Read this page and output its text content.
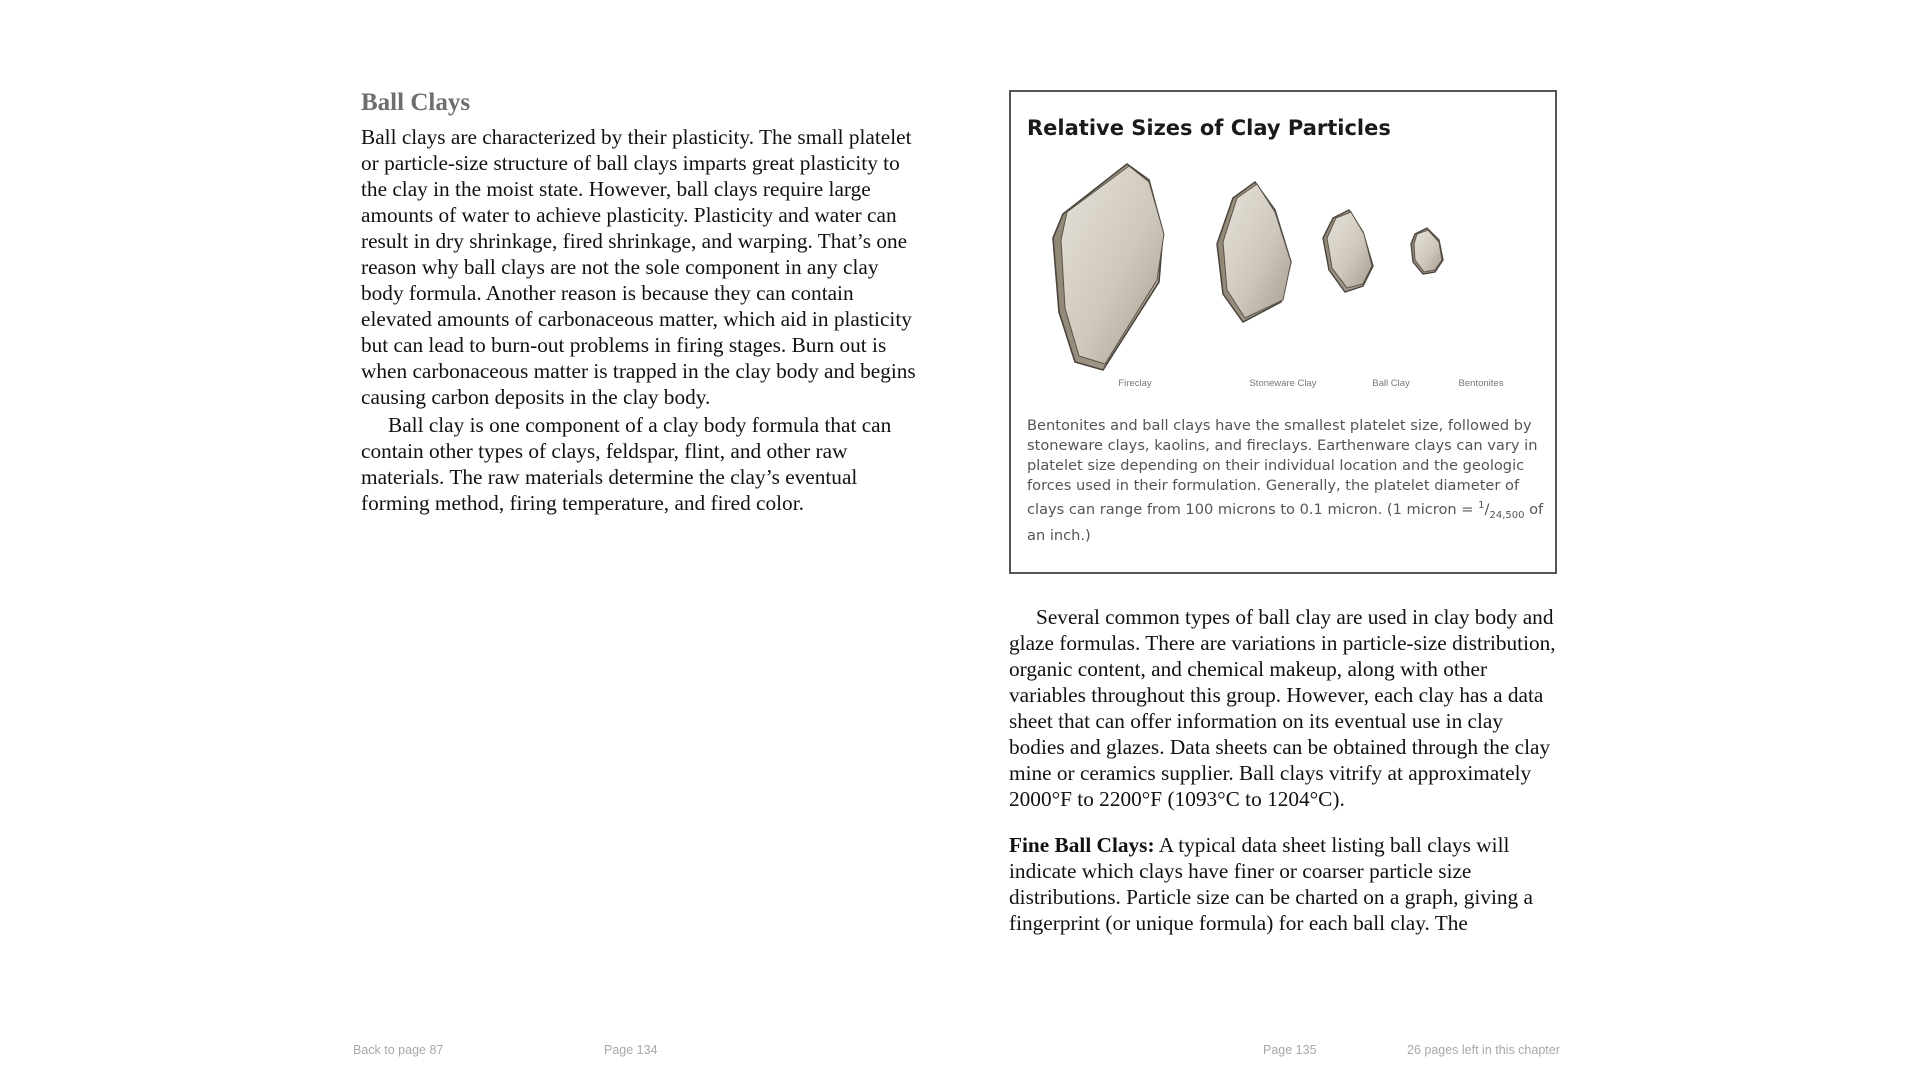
Ball Clays

Ball clays are characterized by their plasticity. The small platelet or particle-size structure of ball clays imparts great plasticity to the clay in the moist state. However, ball clays require large amounts of water to achieve plasticity. Plasticity and water can result in dry shrinkage, fired shrinkage, and warping. That’s one reason why ball clays are not the sole component in any clay body formula. Another reason is because they can contain elevated amounts of carbonaceous matter, which aid in plasticity but can lead to burn-out problems in firing stages. Burn out is when carbonaceous matter is trapped in the clay body and begins causing carbon deposits in the clay body.

Ball clay is one component of a clay body formula that can contain other types of clays, feldspar, flint, and other raw materials. The raw materials determine the clay’s eventual forming method, firing temperature, and fired color.

Relative Sizes of Clay Particles
Fireclay	Stoneware Clay	Ball Clay	Bentonites

Bentonites and ball clays have the smallest platelet size, followed by stoneware clays, kaolins, and fireclays. Earthenware clays can vary in platelet size depending on their individual location and the geologic forces used in their formulation. Generally, the platelet diameter of clays can range from 100 microns to 0.1 micron. (1 micron = $^1/_{24,500}$ of an inch.)

Several common types of ball clay are used in clay body and glaze formulas. There are variations in particle-size distribution, organic content, and chemical makeup, along with other variables throughout this group. However, each clay has a data sheet that can offer information on its eventual use in clay bodies and glazes. Data sheets can be obtained through the clay mine or ceramics supplier. Ball clays vitrify at approximately 2000°F to 2200°F (1093°C to 1204°C).

Fine Ball Clays: A typical data sheet listing ball clays will indicate which clays have finer or coarser particle size distributions. Particle size can be charted on a graph, giving a fingerprint (or unique formula) for each ball clay. The

Back to page 87	Page 134	Page 135	26 pages left in this chapter
